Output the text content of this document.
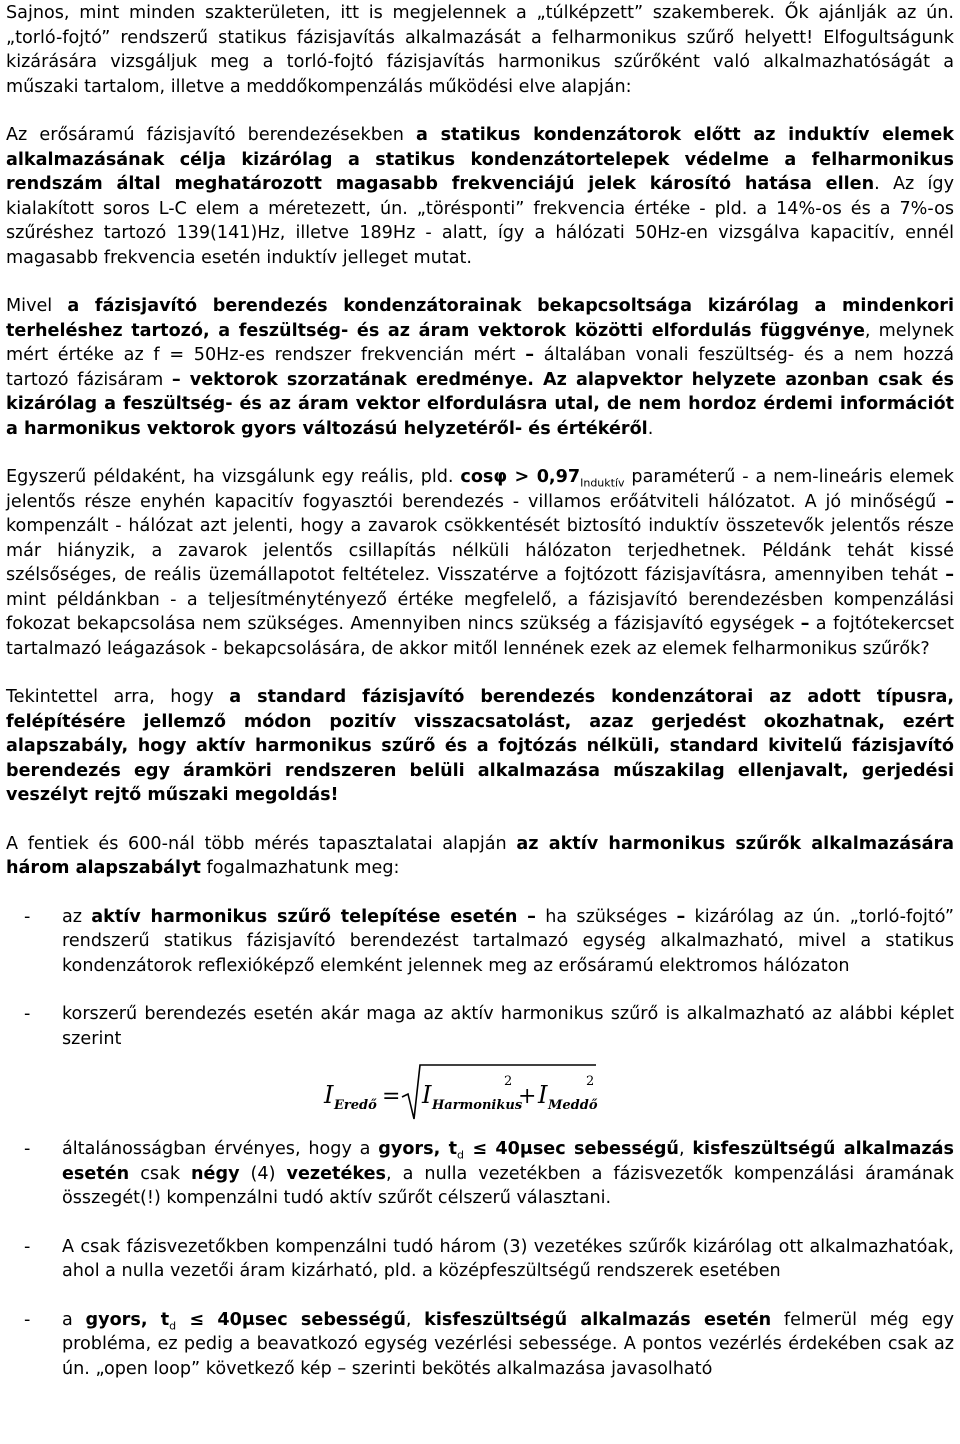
Sajnos, mint minden szakterületen, itt is megjelennek a „túlképzett” szakemberek. Ők ajánlják az ún. „torló-fojtó” rendszerű statikus fázisjavítás alkalmazását a felharmonikus szűrő helyett! Elfogultságunk kizárására vizsgáljuk meg a torló-fojtó fázisjavítás harmonikus szűrőként való alkalmazhatóságát a műszaki tartalom, illetve a meddőkompenzálás működési elve alapján:

Az erősáramú fázisjavító berendezésekben a statikus kondenzátorok előtt az induktív elemek alkalmazásának célja kizárólag a statikus kondenzátortelepek védelme a felharmonikus rendszám által meghatározott magasabb frekvenciájú jelek károsító hatása ellen. Az így kialakított soros L-C elem a méretezett, ún. „törésponti” frekvencia értéke - pld. a 14%-os és a 7%-os szűréshez tartozó 139(141)Hz, illetve 189Hz - alatt, így a hálózati 50Hz-en vizsgálva kapacitív, ennél magasabb frekvencia esetén induktív jelleget mutat.

Mivel a fázisjavító berendezés kondenzátorainak bekapcsoltsága kizárólag a mindenkori terheléshez tartozó, a feszültség- és az áram vektorok közötti elfordulás függvénye, melynek mért értéke az f = 50Hz-es rendszer frekvencián mért – általában vonali feszültség- és a nem hozzá tartozó fázisáram – vektorok szorzatának eredménye. Az alapvektor helyzete azonban csak és kizárólag a feszültség- és az áram vektor elfordulásra utal, de nem hordoz érdemi információt a harmonikus vektorok gyors változású helyzetéről- és értékéről.

Egyszerű példaként, ha vizsgálunk egy reális, pld. $\cos\varphi > 0,97_{Induktív}$ paraméterű - a nem-lineáris elemek jelentős része enyhén kapacitív fogyasztói berendezés - villamos erőátviteli hálózatot. A jó minőségű – kompenzált - hálózat azt jelenti, hogy a zavarok csökkentését biztosító induktív összetevők jelentős része már hiányzik, a zavarok jelentős csillapítás nélküli hálózaton terjedhetnek. Példánk tehát kissé szélsőséges, de reális üzemállapotot feltételez. Visszatérve a fojtózott fázisjavításra, amennyiben tehát – mint példánkban - a teljesítménytényező értéke megfelelő, a fázisjavító berendezésben kompenzálási fokozat bekapcsolása nem szükséges. Amennyiben nincs szükség a fázisjavító egységek – a fojtótekercset tartalmazó leágazások - bekapcsolására, de akkor mitől lennének ezek az elemek felharmonikus szűrők?

Tekintettel arra, hogy a standard fázisjavító berendezés kondenzátorai az adott típusra, felépítésére jellemző módon pozitív visszacsatolást, azaz gerjedést okozhatnak, ezért alapszabály, hogy aktív harmonikus szűrő és a fojtózás nélküli, standard kivitelű fázisjavító berendezés egy áramköri rendszeren belüli alkalmazása műszakilag ellenjavalt, gerjedési veszélyt rejtő műszaki megoldás!

A fentiek és 600-nál több mérés tapasztalatai alapján az aktív harmonikus szűrők alkalmazására három alapszabályt fogalmazhatunk meg:

- az aktív harmonikus szűrő telepítése esetén – ha szükséges – kizárólag az ún. „torló-fojtó” rendszerű statikus fázisjavító berendezést tartalmazó egység alkalmazható, mivel a statikus kondenzátorok reflexióképző elemként jelennek meg az erősáramú elektromos hálózaton
- korszerű berendezés esetén akár maga az aktív harmonikus szűrő is alkalmazható az alábbi képlet szerint
I Eredő = I Harmonikus
2
+ I Meddő
2
- általánosságban érvényes, hogy a gyors, $t_d \le 40\mu\sec$ sebességű, kisfeszültségű alkalmazás esetén csak négy (4) vezetékes, a nulla vezetékben a fázisvezetők kompenzálási áramának összegét(!) kompenzálni tudó aktív szűrőt célszerű választani.
- A csak fázisvezetőkben kompenzálni tudó három (3) vezetékes szűrők kizárólag ott alkalmazhatóak, ahol a nulla vezetői áram kizárható, pld. a középfeszültségű rendszerek esetében
- a gyors, $t_d \le 40\mu\sec$ sebességű, kisfeszültségű alkalmazás esetén felmerül még egy probléma, ez pedig a beavatkozó egység vezérlési sebessége. A pontos vezérlés érdekében csak az ún. „open loop” következő kép – szerinti bekötés alkalmazása javasolható
